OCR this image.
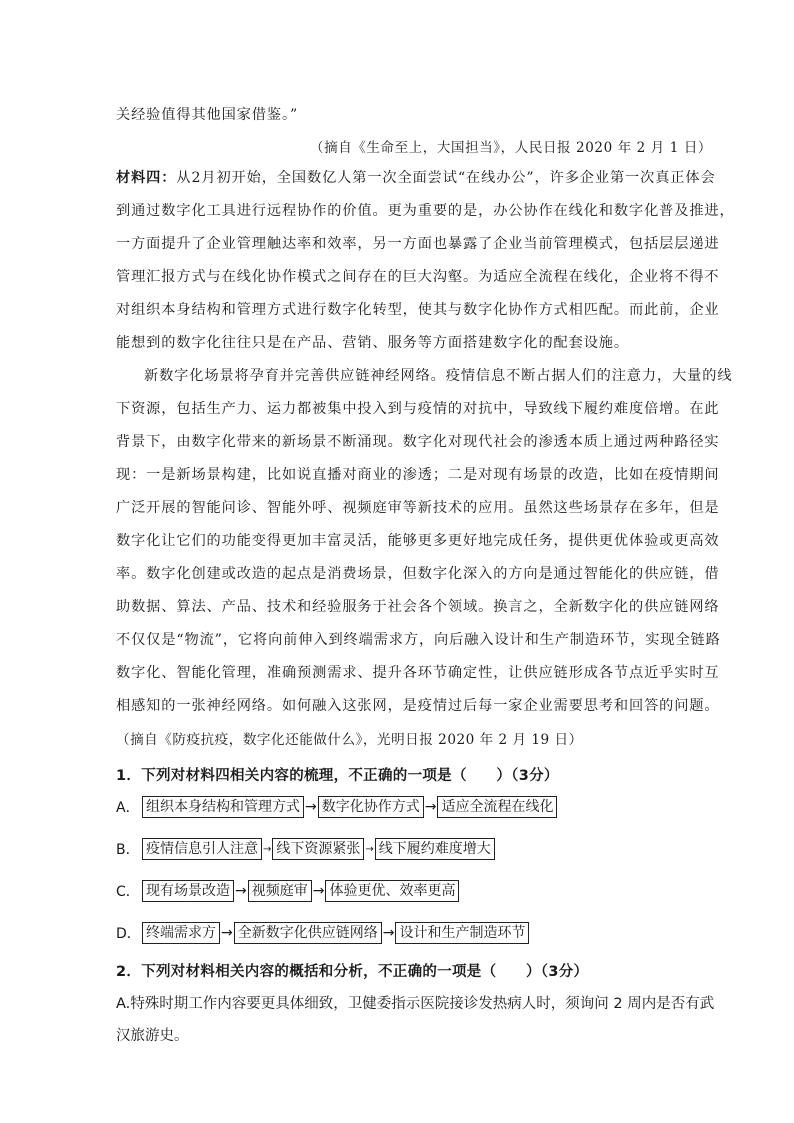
关经验值得其他国家借鉴。”
（摘自《生命至上，大国担当》，人民日报 2020 年 2 月 1 日）
材料四：从2月初开始，全国数亿人第一次全面尝试“在线办公”，许多企业第一次真正体会
到通过数字化工具进行远程协作的价值。更为重要的是，办公协作在线化和数字化普及推进，
一方面提升了企业管理触达率和效率，另一方面也暴露了企业当前管理模式，包括层层递进
管理汇报方式与在线化协作模式之间存在的巨大沟壑。为适应全流程在线化，企业将不得不
对组织本身结构和管理方式进行数字化转型，使其与数字化协作方式相匹配。而此前，企业
能想到的数字化往往只是在产品、营销、服务等方面搭建数字化的配套设施。
新数字化场景将孕育并完善供应链神经网络。疫情信息不断占据人们的注意力，大量的线
下资源，包括生产力、运力都被集中投入到与疫情的对抗中，导致线下履约难度倍增。在此
背景下，由数字化带来的新场景不断涌现。数字化对现代社会的渗透本质上通过两种路径实
现：一是新场景构建，比如说直播对商业的渗透；二是对现有场景的改造，比如在疫情期间
广泛开展的智能问诊、智能外呼、视频庭审等新技术的应用。虽然这些场景存在多年，但是
数字化让它们的功能变得更加丰富灵活，能够更多更好地完成任务，提供更优体验或更高效
率。数字化创建或改造的起点是消费场景，但数字化深入的方向是通过智能化的供应链，借
助数据、算法、产品、技术和经验服务于社会各个领域。换言之，全新数字化的供应链网络
不仅仅是“物流”，它将向前伸入到终端需求方，向后融入设计和生产制造环节，实现全链路
数字化、智能化管理，准确预测需求、提升各环节确定性，让供应链形成各节点近乎实时互
相感知的一张神经网络。如何融入这张网，是疫情过后每一家企业需要思考和回答的问题。
（摘自《防疫抗疫，数字化还能做什么》，光明日报 2020 年 2 月 19 日）
1．下列对材料四相关内容的梳理，不正确的一项是（　　）（3分）
A． 组织本身结构和管理方式 → 数字化协作方式 → 适应全流程在线化
B． 疫情信息引人注意 → 线下资源紧张 → 线下履约难度增大
C． 现有场景改造 → 视频庭审 → 体验更优、效率更高
D． 终端需求方 → 全新数字化供应链网络 → 设计和生产制造环节
2．下列对材料相关内容的概括和分析，不正确的一项是（　　）（3分）
A.特殊时期工作内容要更具体细致，卫健委指示医院接诊发热病人时，须询问 2 周内是否有武
汉旅游史。
